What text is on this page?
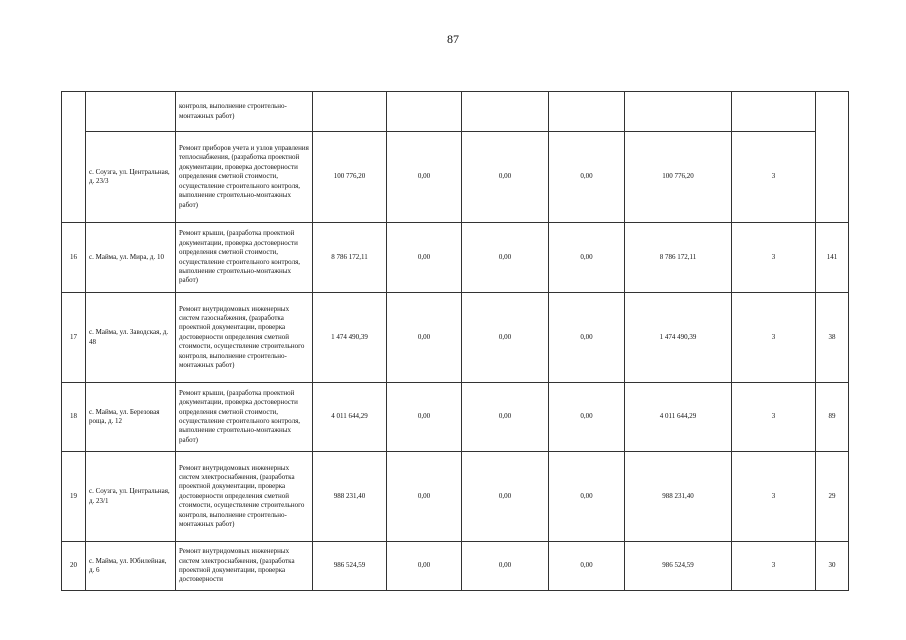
87
		контроля, выполнение строительно-монтажных работ)							
	с. Соузга, ул. Центральная, д. 23/3	Ремонт приборов учета и узлов управления теплоснабжения, (разработка проектной документации, проверка достоверности определения сметной стоимости, осуществление строительного контроля, выполнение строительно-монтажных работ)	100 776,20	0,00	0,00	0,00	100 776,20	3	
16	с. Майма, ул. Мира, д. 10	Ремонт крыши, (разработка проектной документации, проверка достоверности определения сметной стоимости, осуществление строительного контроля, выполнение строительно-монтажных работ)	8 786 172,11	0,00	0,00	0,00	8 786 172,11	3	141
17	с. Майма, ул. Заводская, д. 48	Ремонт внутридомовых инженерных систем газоснабжения, (разработка проектной документации, проверка достоверности определения сметной стоимости, осуществление строительного контроля, выполнение строительно-монтажных работ)	1 474 490,39	0,00	0,00	0,00	1 474 490,39	3	38
18	с. Майма, ул. Березовая роща, д. 12	Ремонт крыши, (разработка проектной документации, проверка достоверности определения сметной стоимости, осуществление строительного контроля, выполнение строительно-монтажных работ)	4 011 644,29	0,00	0,00	0,00	4 011 644,29	3	89
19	с. Соузга, ул. Центральная, д. 23/1	Ремонт внутридомовых инженерных систем электроснабжения, (разработка проектной документации, проверка достоверности определения сметной стоимости, осуществление строительного контроля, выполнение строительно-монтажных работ)	988 231,40	0,00	0,00	0,00	988 231,40	3	29
20	с. Майма, ул. Юбилейная, д. 6	Ремонт внутридомовых инженерных систем электроснабжения, (разработка проектной документации, проверка достоверности	986 524,59	0,00	0,00	0,00	986 524,59	3	30
